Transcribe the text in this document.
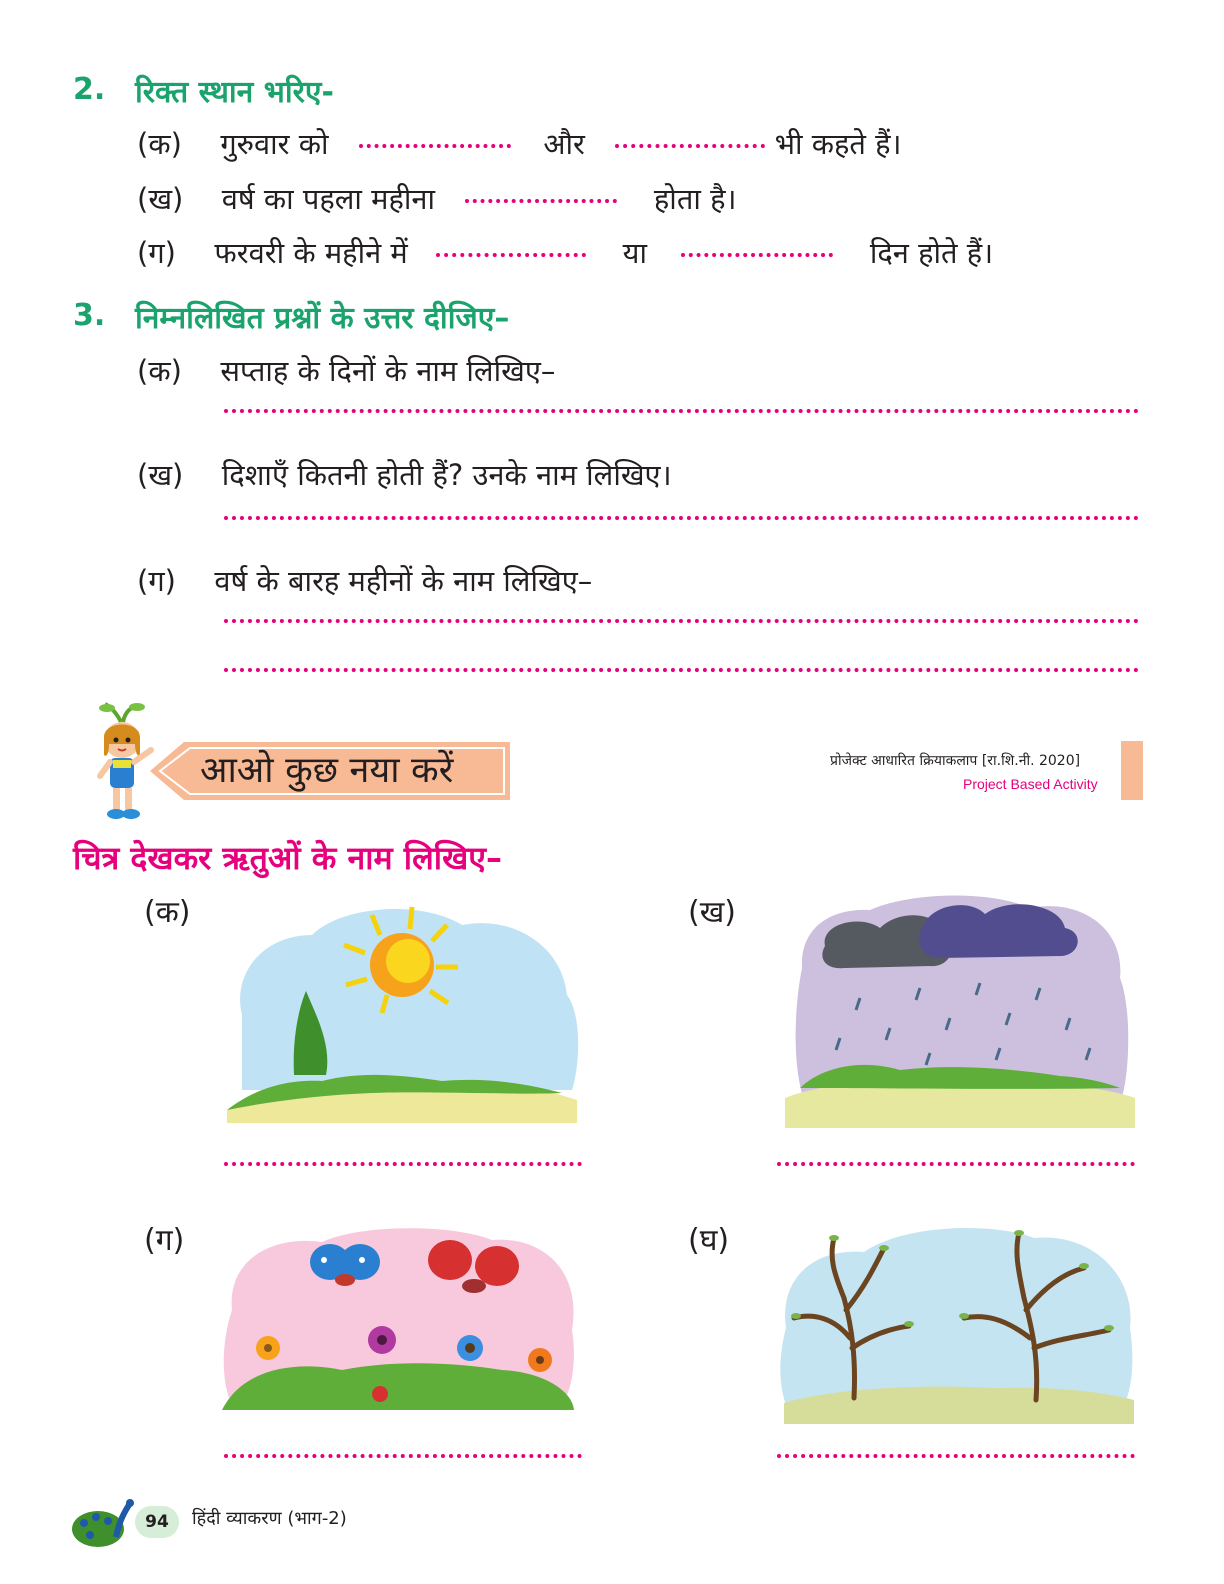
2. रिक्त स्थान भरिए-
(क) गुरुवार को	और	भी कहते हैं।
(ख) वर्ष का पहला महीना	होता है।
(ग) फरवरी के महीने में	या	दिन होते हैं।
3. निम्नलिखित प्रश्नों के उत्तर दीजिए–
(क) सप्ताह के दिनों के नाम लिखिए–
(ख) दिशाएँ कितनी होती हैं? उनके नाम लिखिए।
(ग) वर्ष के बारह महीनों के नाम लिखिए–
आओ कुछ नया करें	प्रोजेक्ट आधारित क्रियाकलाप [रा.शि.नी. 2020]
Project Based Activity
चित्र देखकर ऋतुओं के नाम लिखिए–
(क)	(ख)
(ग)	(घ)
94	हिंदी व्याकरण (भाग-2)
